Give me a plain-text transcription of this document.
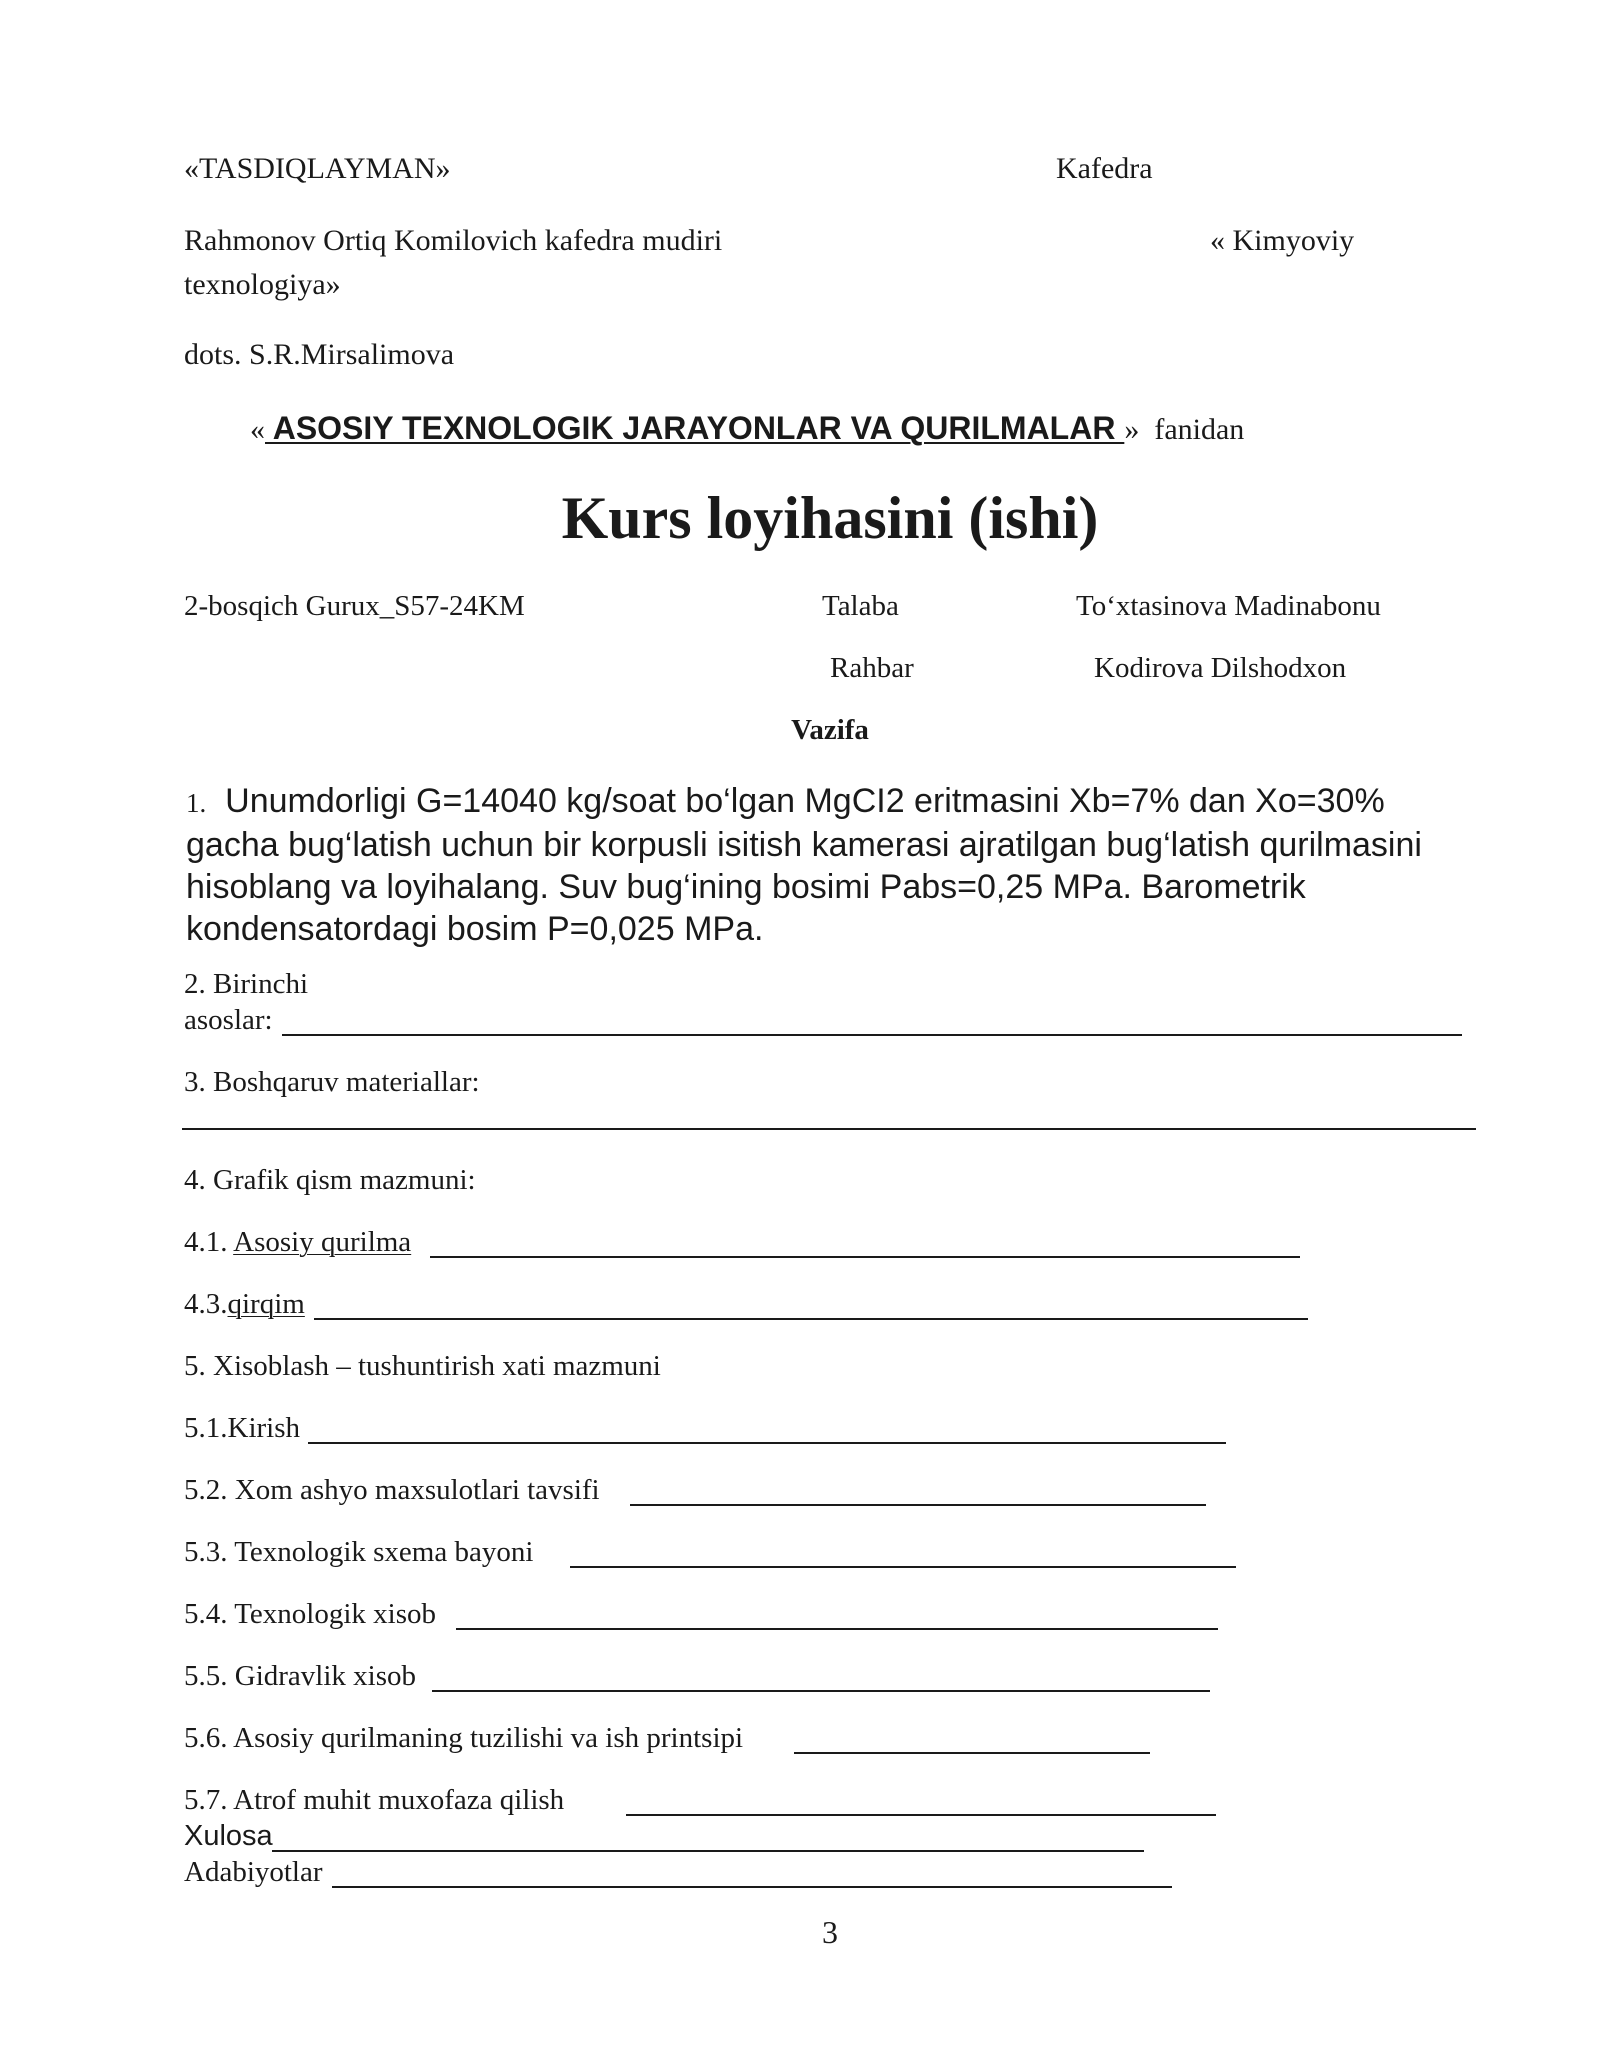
«TASDIQLAYMAN»	Kafedra
Rahmonov Ortiq Komilovich kafedra mudiri	« Kimyoviy
texnologiya»
dots. S.R.Mirsalimova
« ASOSIY TEXNOLOGIK JARAYONLAR VA QURILMALAR » fanidan
Kurs loyihasini (ishi)
2-bosqich Gurux_S57-24KM	Talaba	To‘xtasinova Madinabonu
Rahbar	Kodirova Dilshodxon
Vazifa
1. Unumdorligi G=14040 kg/soat bo‘lgan MgCI2 eritmasini Xb=7% dan Xo=30% gacha bug‘latish uchun bir korpusli isitish kamerasi ajratilgan bug‘latish qurilmasini hisoblang va loyihalang. Suv bug‘ining bosimi Pabs=0,25 MPa. Barometrik kondensatordagi bosim P=0,025 MPa.
2. Birinchi
asoslar:
3. Boshqaruv materiallar:
4. Grafik qism mazmuni:
4.1. Asosiy qurilma
4.3.qirqim
5. Xisoblash – tushuntirish xati mazmuni
5.1.Kirish
5.2. Xom ashyo maxsulotlari tavsifi
5.3. Texnologik sxema bayoni
5.4. Texnologik xisob
5.5. Gidravlik xisob
5.6. Asosiy qurilmaning tuzilishi va ish printsipi
5.7. Atrof muhit muxofaza qilish
Xulosa
Adabiyotlar
3
